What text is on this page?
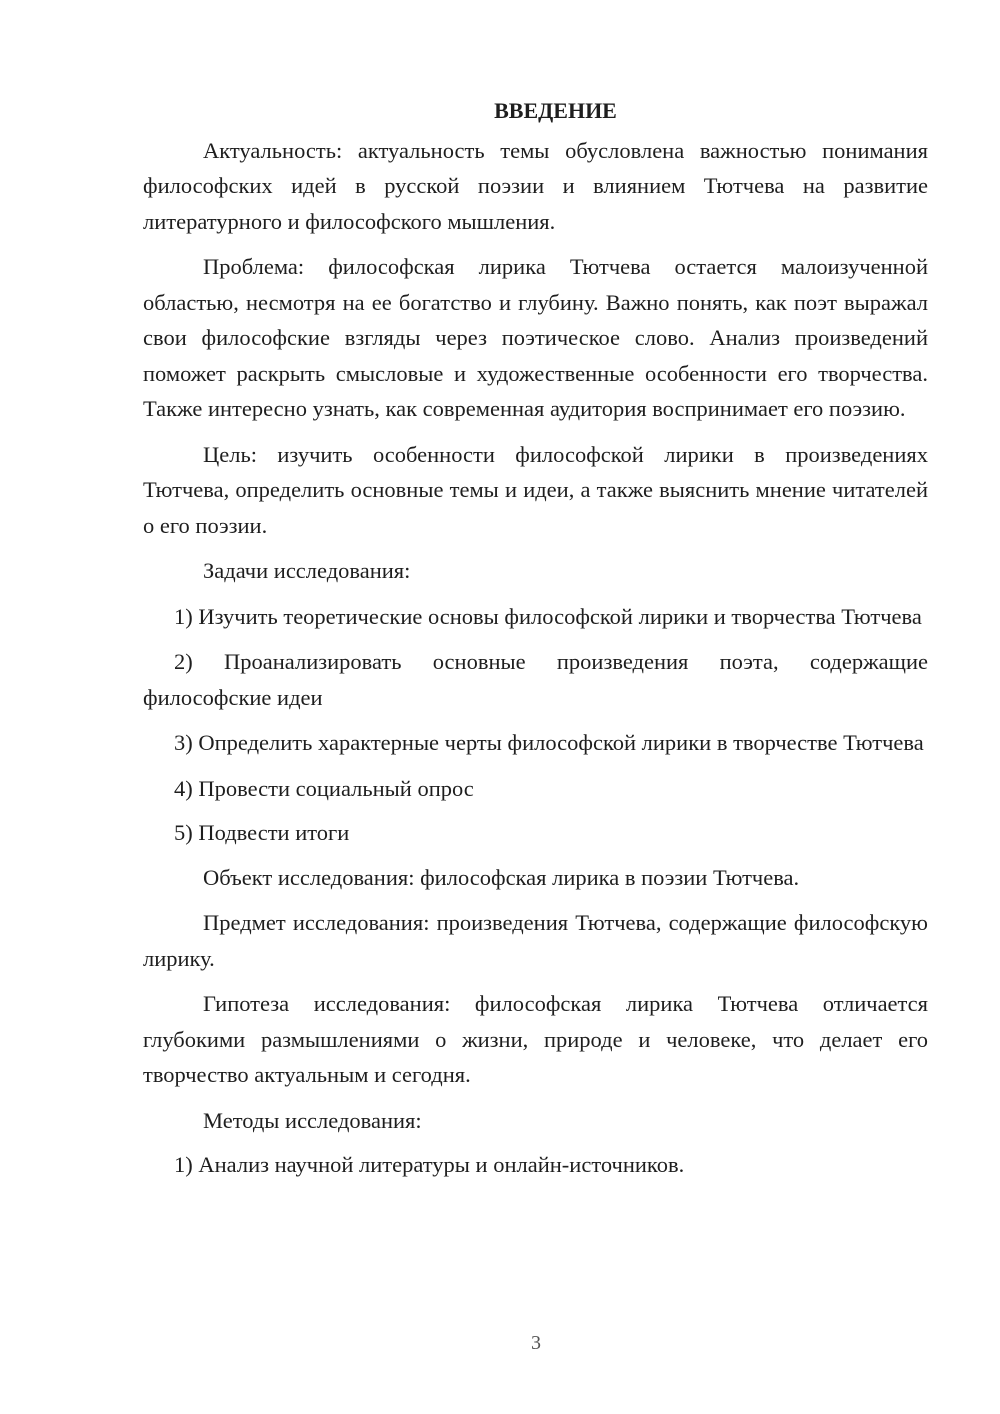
ВВЕДЕНИЕ

Актуальность: актуальность темы обусловлена важностью понимания философских идей в русской поэзии и влиянием Тютчева на развитие литературного и философского мышления.

Проблема: философская лирика Тютчева остается малоизученной областью, несмотря на ее богатство и глубину. Важно понять, как поэт выражал свои философские взгляды через поэтическое слово. Анализ произведений поможет раскрыть смысловые и художественные особенности его творчества. Также интересно узнать, как современная аудитория воспринимает его поэзию.

Цель: изучить особенности философской лирики в произведениях Тютчева, определить основные темы и идеи, а также выяснить мнение читателей о его поэзии.

Задачи исследования:

1) Изучить теоретические основы философской лирики и творчества Тютчева

2) Проанализировать основные произведения поэта, содержащие философские идеи

3) Определить характерные черты философской лирики в творчестве Тютчева

4) Провести социальный опрос

5) Подвести итоги

Объект исследования: философская лирика в поэзии Тютчева.

Предмет исследования: произведения Тютчева, содержащие философскую лирику.

Гипотеза исследования: философская лирика Тютчева отличается глубокими размышлениями о жизни, природе и человеке, что делает его творчество актуальным и сегодня.

Методы исследования:

1) Анализ научной литературы и онлайн-источников.

3
